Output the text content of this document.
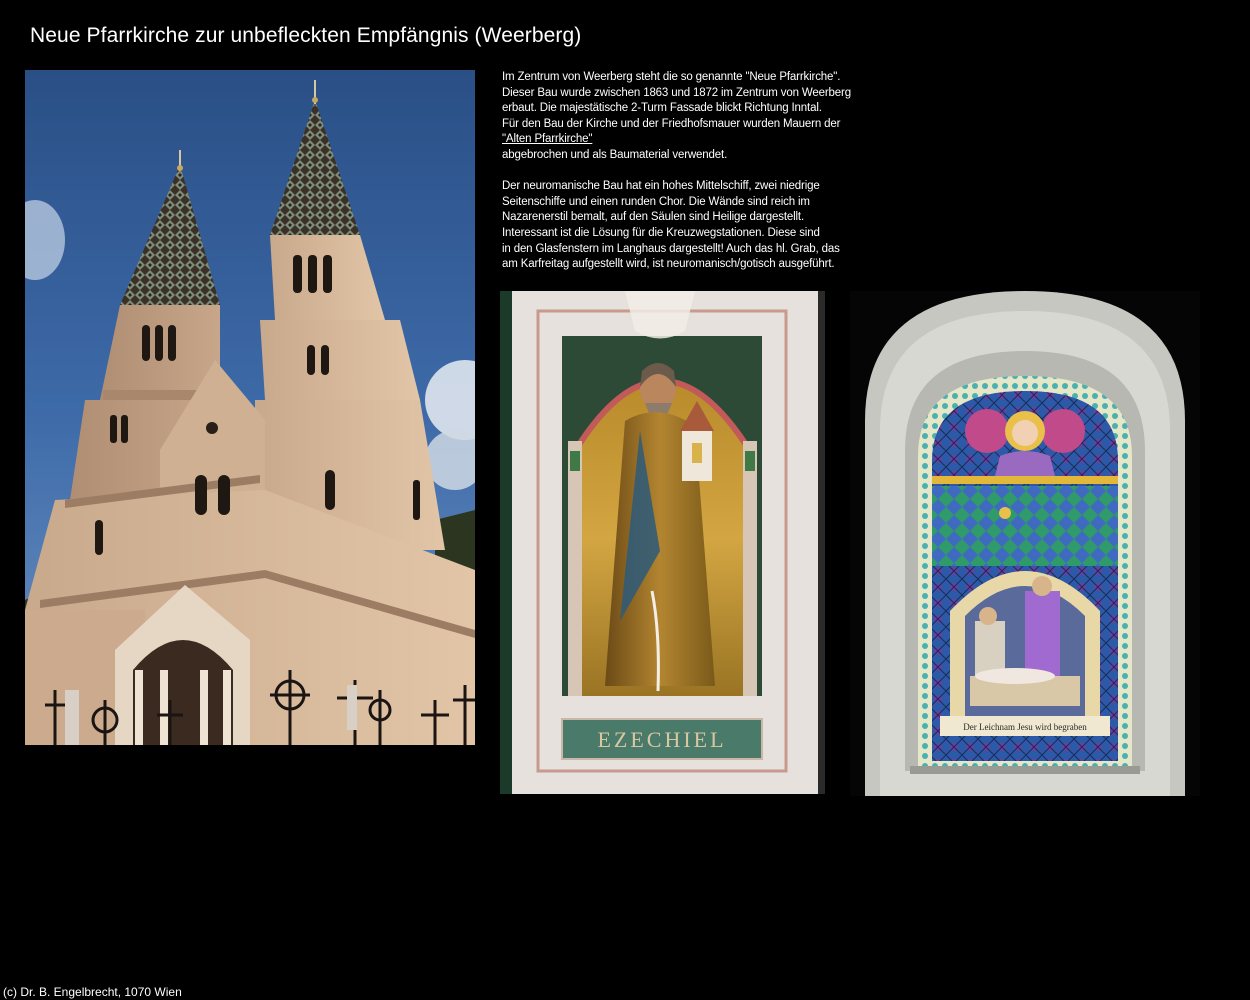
Neue Pfarrkirche zur unbefleckten Empfängnis (Weerberg)
Im Zentrum von Weerberg steht die so genannte "Neue Pfarrkirche".
Dieser Bau wurde zwischen 1863 und 1872 im Zentrum von Weerberg
erbaut. Die majestätische 2-Turm Fassade blickt Richtung Inntal.
Für den Bau der Kirche und der Friedhofsmauer wurden Mauern der
"Alten Pfarrkirche"
abgebrochen und als Baumaterial verwendet.
Der neuromanische Bau hat ein hohes Mittelschiff, zwei niedrige
Seitenschiffe und einen runden Chor. Die Wände sind reich im
Nazarenerstil bemalt, auf den Säulen sind Heilige dargestellt.
Interessant ist die Lösung für die Kreuzwegstationen. Diese sind
in den Glasfenstern im Langhaus dargestellt! Auch das hl. Grab, das
am Karfreitag aufgestellt wird, ist neuromanisch/gotisch ausgeführt.
EZECHIEL	Der Leichnam Jesu wird begraben
(c) Dr. B. Engelbrecht, 1070 Wien
